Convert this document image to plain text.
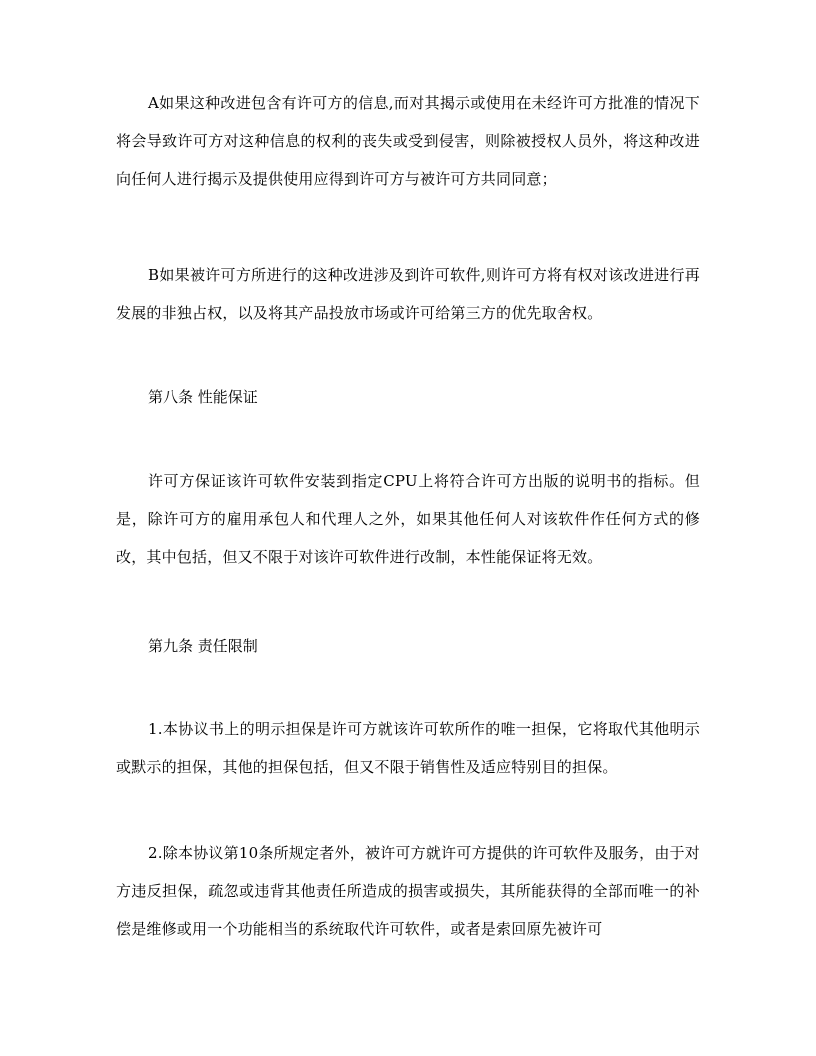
A如果这种改进包含有许可方的信息,而对其揭示或使用在未经许可方批准的情况下将会导致许可方对这种信息的权利的丧失或受到侵害，则除被授权人员外，将这种改进向任何人进行揭示及提供使用应得到许可方与被许可方共同同意；

B如果被许可方所进行的这种改进涉及到许可软件,则许可方将有权对该改进进行再发展的非独占权，以及将其产品投放市场或许可给第三方的优先取舍权。

第八条 性能保证

许可方保证该许可软件安装到指定CPU上将符合许可方出版的说明书的指标。但是，除许可方的雇用承包人和代理人之外，如果其他任何人对该软件作任何方式的修改，其中包括，但又不限于对该许可软件进行改制，本性能保证将无效。

第九条 责任限制

1.本协议书上的明示担保是许可方就该许可软所作的唯一担保，它将取代其他明示或默示的担保，其他的担保包括，但又不限于销售性及适应特别目的担保。

2.除本协议第10条所规定者外，被许可方就许可方提供的许可软件及服务，由于对方违反担保，疏忽或违背其他责任所造成的损害或损失，其所能获得的全部而唯一的补偿是维修或用一个功能相当的系统取代许可软件，或者是索回原先被许可
